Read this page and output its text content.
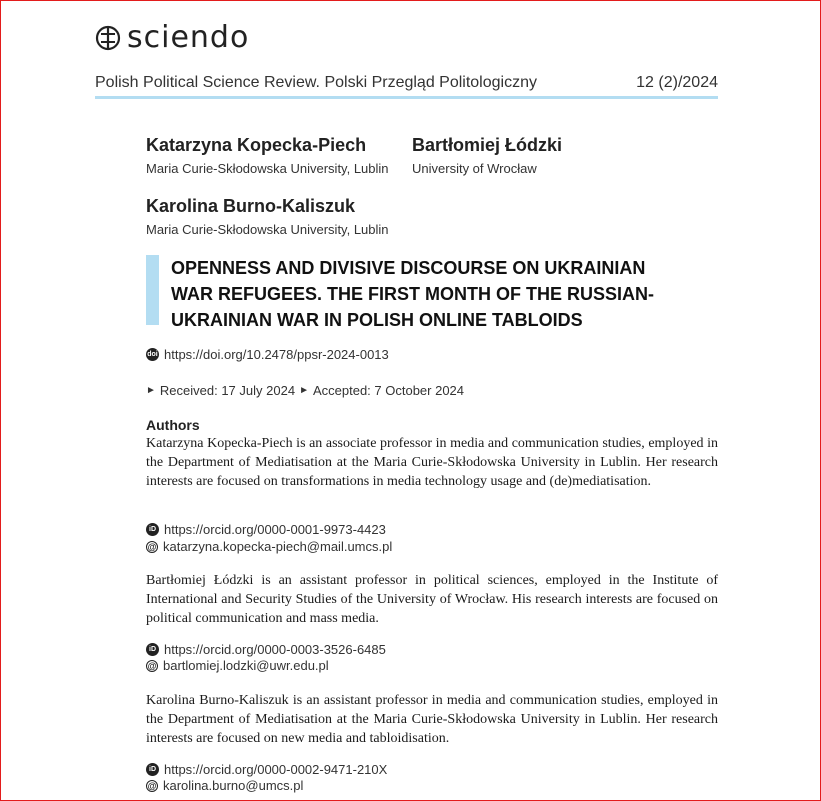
sciendo
Polish Political Science Review. Polski Przegląd Politologiczny	12 (2)/2024
Katarzyna Kopecka-Piech
Maria Curie-Skłodowska University, Lublin
Bartłomiej Łódzki
University of Wrocław
Karolina Burno-Kaliszuk
Maria Curie-Skłodowska University, Lublin
OPENNESS AND DIVISIVE DISCOURSE ON UKRAINIAN
WAR REFUGEES. THE FIRST MONTH OF THE RUSSIAN-
UKRAINIAN WAR IN POLISH ONLINE TABLOIDS
doi https://doi.org/10.2478/ppsr-2024-0013
► Received: 17 July 2024 ► Accepted: 7 October 2024
Authors
Katarzyna Kopecka-Piech is an associate professor in media and communication studies, employed in the Department of Mediatisation at the Maria Curie-Skłodowska University in Lublin. Her research interests are focused on transformations in media technology usage and (de)mediatisation.
iD https://orcid.org/0000-0001-9973-4423
@ katarzyna.kopecka-piech@mail.umcs.pl
Bartłomiej Łódzki is an assistant professor in political sciences, employed in the Institute of International and Security Studies of the University of Wrocław. His research interests are focused on political communication and mass media.
iD https://orcid.org/0000-0003-3526-6485
@ bartlomiej.lodzki@uwr.edu.pl
Karolina Burno-Kaliszuk is an assistant professor in media and communication studies, employed in the Department of Mediatisation at the Maria Curie-Skłodowska University in Lublin. Her research interests are focused on new media and tabloidisation.
iD https://orcid.org/0000-0002-9471-210X
@ karolina.burno@umcs.pl
